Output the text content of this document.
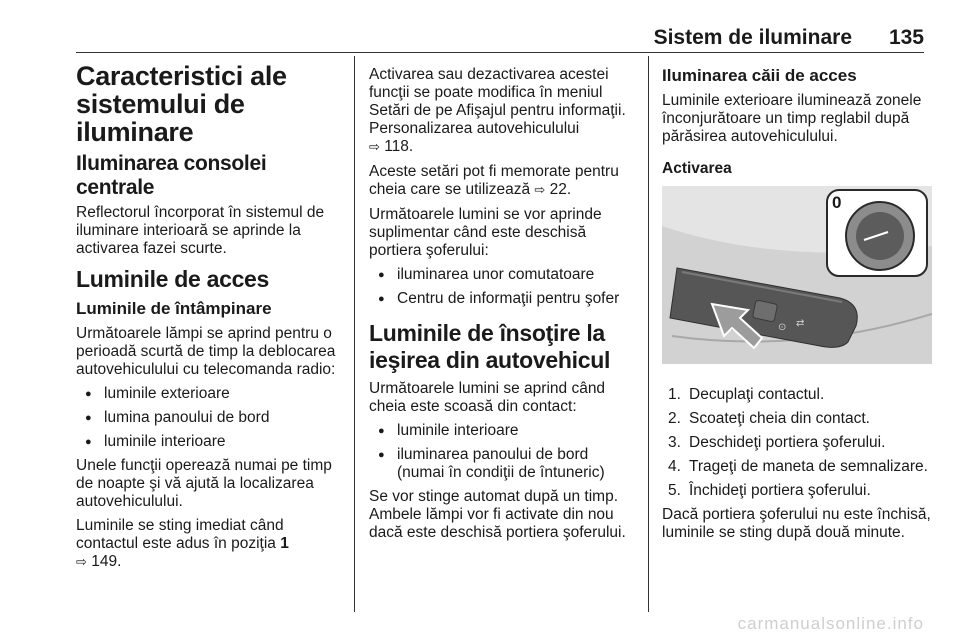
Sistem de iluminare 135
Caracteristici ale sistemului de iluminare
Iluminarea consolei centrale

Reflectorul încorporat în sistemul de iluminare interioară se aprinde la activarea fazei scurte.

Luminile de acces
Luminile de întâmpinare

Următoarele lămpi se aprind pentru o perioadă scurtă de timp la deblocarea autovehiculului cu telecomanda radio:

● luminile exterioare
● lumina panoului de bord
● luminile interioare

Unele funcţii operează numai pe timp de noapte şi vă ajută la localizarea autovehiculului.

Luminile se sting imediat când contactul este adus în poziţia 1
⇨ 149.

Activarea sau dezactivarea acestei funcţii se poate modifica în meniul Setări de pe Afişajul pentru informaţii. Personalizarea autovehiculului
⇨ 118.

Aceste setări pot fi memorate pentru cheia care se utilizează ⇨ 22.

Următoarele lumini se vor aprinde suplimentar când este deschisă portiera şoferului:

● iluminarea unor comutatoare
● Centru de informaţii pentru şofer
Luminile de însoţire la ieşirea din autovehicul

Următoarele lumini se aprind când cheia este scoasă din contact:

● luminile interioare
● iluminarea panoului de bord (numai în condiţii de întuneric)

Se vor stinge automat după un timp. Ambele lămpi vor fi activate din nou dacă este deschisă portiera şoferului.

Iluminarea căii de acces

Luminile exterioare iluminează zonele înconjurătoare un timp reglabil după părăsirea autovehiculului.

Activarea
⊙ ⇄
0
1. Decuplaţi contactul.
2. Scoateţi cheia din contact.
3. Deschideţi portiera şoferului.
4. Trageţi de maneta de semnalizare.
5. Închideţi portiera şoferului.

Dacă portiera şoferului nu este închisă, luminile se sting după două minute.

carmanualsonline.info
